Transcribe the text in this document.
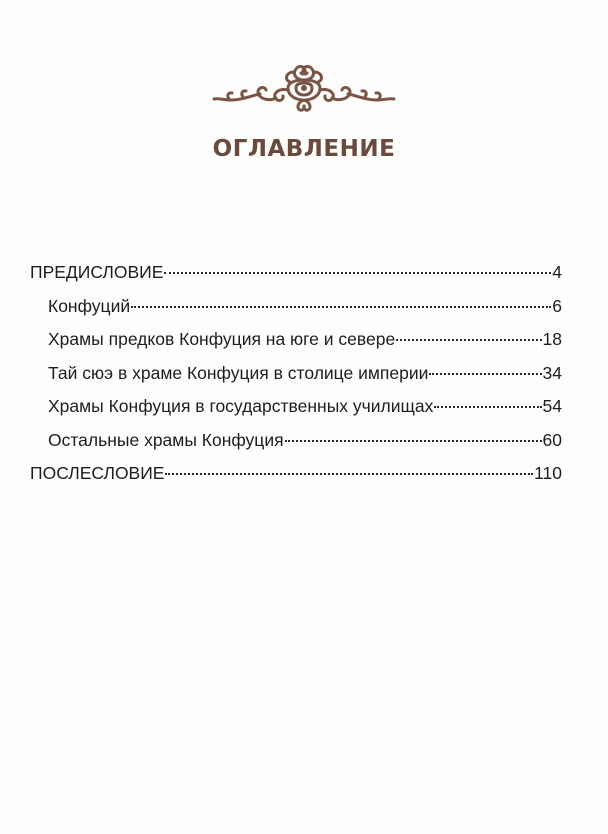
ОГЛАВЛЕНИЕ
ПРЕДИСЛОВИЕ	4
Конфуций	6
Храмы предков Конфуция на юге и севере	18
Тай сюэ в храме Конфуция в столице империи	34
Храмы Конфуция в государственных училищах	54
Остальные храмы Конфуция	60
ПОСЛЕСЛОВИЕ	110
